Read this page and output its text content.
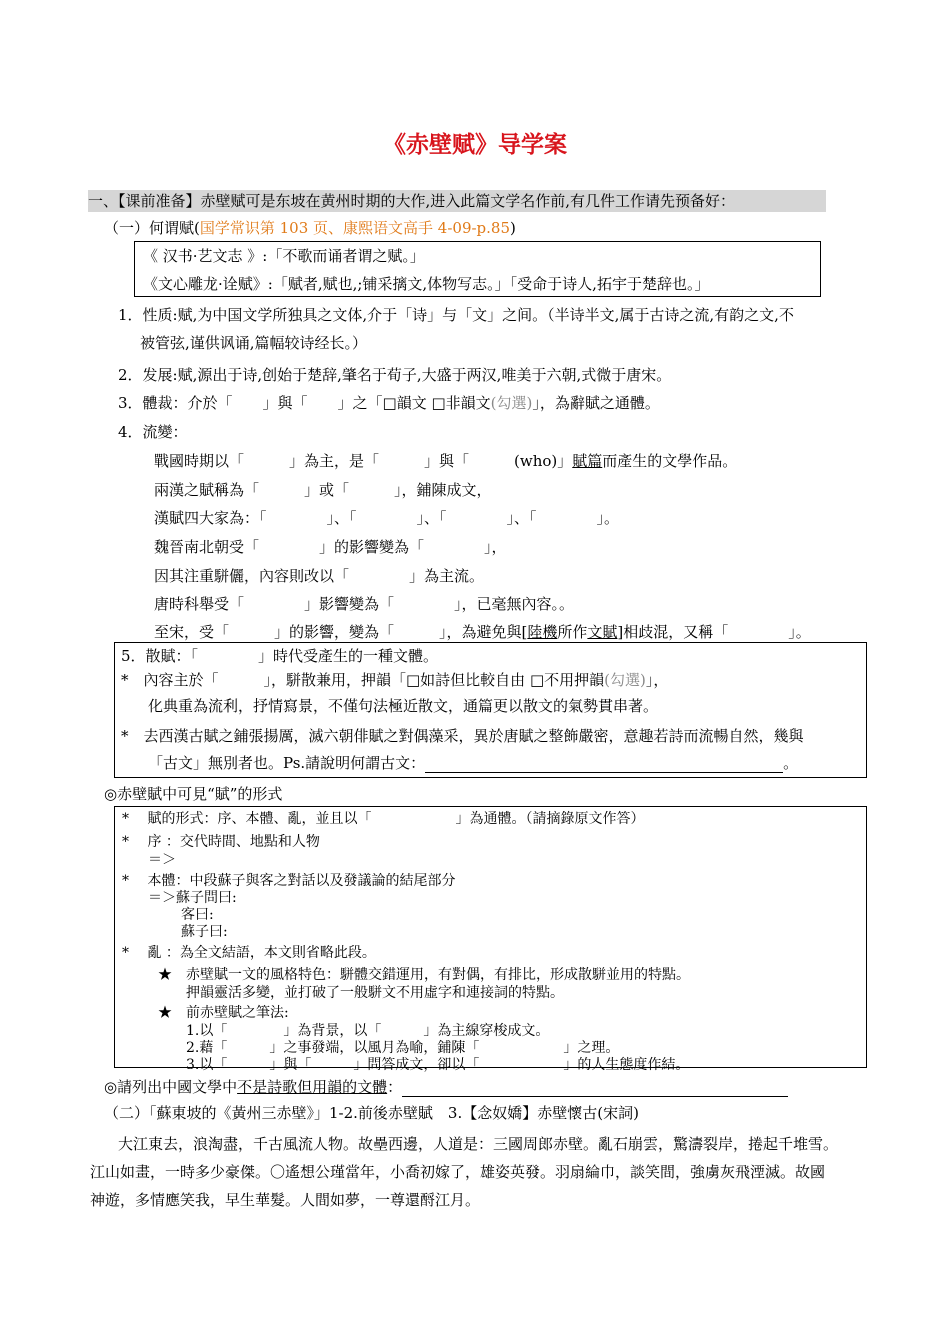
《赤壁赋》导学案
一、【课前准备】赤壁赋可是东坡在黄州时期的大作,进入此篇文学名作前,有几件工作请先预备好：
（一）何谓赋(国学常识第 103 页、康熙语文高手 4-09-p.85)
《 汉书·艺文志 》:「不歌而诵者谓之赋。」
《文心雕龙·诠赋》:「赋者,赋也,;铺采摛文,体物写志。」「受命于诗人,拓宇于楚辞也。」
1．性质:赋,为中国文学所独具之文体,介于「诗」与「文」之间。（半诗半文,属于古诗之流,有韵之文,不
被管弦,谨供讽诵,篇幅较诗经长。）
2．发展:赋,源出于诗,创始于楚辞,肇名于荀子,大盛于两汉,唯美于六朝,式微于唐宋。
3．體裁：介於「　　」與「　　」之「□韻文 □非韻文(勾選)」，為辭賦之通體。
4．流變：
戰國時期以「　　　」為主，是「　　　」與「　　　(who)」賦篇而產生的文學作品。
兩漢之賦稱為「　　　」或「　　　」，鋪陳成文，
漢賦四大家為：「　　　　」、「　　　　」、「　　　　」、「　　　　」。
魏晉南北朝受「　　　　」的影響變為「　　　　」，
因其注重駢儷，內容則改以「　　　　」為主流。
唐時科舉受「　　　　」影響變為「　　　　」，已毫無內容。。
至宋，受「　　　」的影響，變為「　　　」，為避免與[陸機所作文賦]相歧混，又稱「　　　　」。
5．散賦：「　　　　」時代受產生的一種文體。
*　內容主於「　　　」，駢散兼用，押韻「□如詩但比較自由 □不用押韻(勾選)」，
化典重為流利，抒情寫景，不僅句法極近散文，通篇更以散文的氣勢貫串著。
*　去西漢古賦之鋪張揚厲，滅六朝俳賦之對偶藻采，異於唐賦之整飾嚴密，意趣若詩而流暢自然，幾與
「古文」無別者也。Ps.請說明何謂古文：	。
◎赤壁賦中可見“賦”的形式
*　 賦的形式：序、本體、亂，並且以「　　　　　　」為通體。（請摘錄原文作答）
*　 序 ：交代時間、地點和人物
＝＞
*　 本體：中段蘇子與客之對話以及發議論的結尾部分
＝＞蘇子問曰:
客曰:
蘇子曰:
*　 亂 ：為全文結語，本文則省略此段。
★　赤壁賦一文的風格特色：駢體交錯運用，有對偶，有排比，形成散駢並用的特點。
押韻靈活多變，並打破了一般駢文不用虛字和連接詞的特點。
★　前赤壁賦之筆法:
1.以「　　　　」為背景，以「　　　」為主線穿梭成文。
2.藉「　　　」之事發端，以風月為喻，鋪陳「　　　　　　」之理。
3.以「　　　」與「　　　」問答成文，卻以「　　　　　　」的人生態度作結。
◎請列出中國文學中不是詩歌但用韻的文體：
（二）「蘇東坡的《黃州三赤壁》」1-2.前後赤壁賦　3.【念奴嬌】赤壁懷古(宋詞)
大江東去，浪淘盡，千古風流人物。故壘西邊，人道是：三國周郎赤壁。亂石崩雲，驚濤裂岸，捲起千堆雪。
江山如畫，一時多少豪傑。〇遙想公瑾當年，小喬初嫁了，雄姿英發。羽扇綸巾，談笑間，強虜灰飛湮滅。故國
神遊，多情應笑我，早生華髮。人間如夢，一尊還酹江月。
